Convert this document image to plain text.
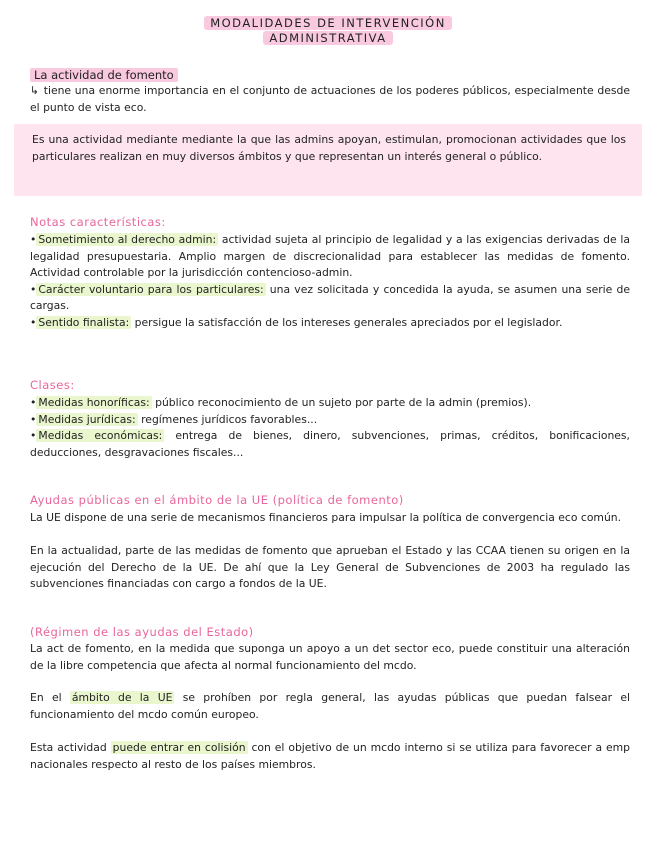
MODALIDADES DE INTERVENCIÓN
ADMINISTRATIVA
La actividad de fomento
↳ tiene una enorme importancia en el conjunto de actuaciones de los poderes públicos, especialmente desde el punto de vista eco.
Es una actividad mediante mediante la que las admins apoyan, estimulan, promocionan actividades que los particulares realizan en muy diversos ámbitos y que representan un interés general o público.
Notas características:
• Sometimiento al derecho admin: actividad sujeta al principio de legalidad y a las exigencias derivadas de la legalidad presupuestaria. Amplio margen de discrecionalidad para establecer las medidas de fomento. Actividad controlable por la jurisdicción contencioso-admin.
• Carácter voluntario para los particulares: una vez solicitada y concedida la ayuda, se asumen una serie de cargas.
• Sentido finalista: persigue la satisfacción de los intereses generales apreciados por el legislador.
Clases:
• Medidas honoríficas: público reconocimiento de un sujeto por parte de la admin (premios).
• Medidas jurídicas: regímenes jurídicos favorables...
• Medidas económicas: entrega de bienes, dinero, subvenciones, primas, créditos, bonificaciones, deducciones, desgravaciones fiscales...
Ayudas públicas en el ámbito de la UE (política de fomento)
La UE dispone de una serie de mecanismos financieros para impulsar la política de convergencia eco común.
En la actualidad, parte de las medidas de fomento que aprueban el Estado y las CCAA tienen su origen en la ejecución del Derecho de la UE. De ahí que la Ley General de Subvenciones de 2003 ha regulado las subvenciones financiadas con cargo a fondos de la UE.
(Régimen de las ayudas del Estado)
La act de fomento, en la medida que suponga un apoyo a un det sector eco, puede constituir una alteración de la libre competencia que afecta al normal funcionamiento del mcdo.
En el ámbito de la UE se prohíben por regla general, las ayudas públicas que puedan falsear el funcionamiento del mcdo común europeo.
Esta actividad puede entrar en colisión con el objetivo de un mcdo interno si se utiliza para favorecer a emp nacionales respecto al resto de los países miembros.
